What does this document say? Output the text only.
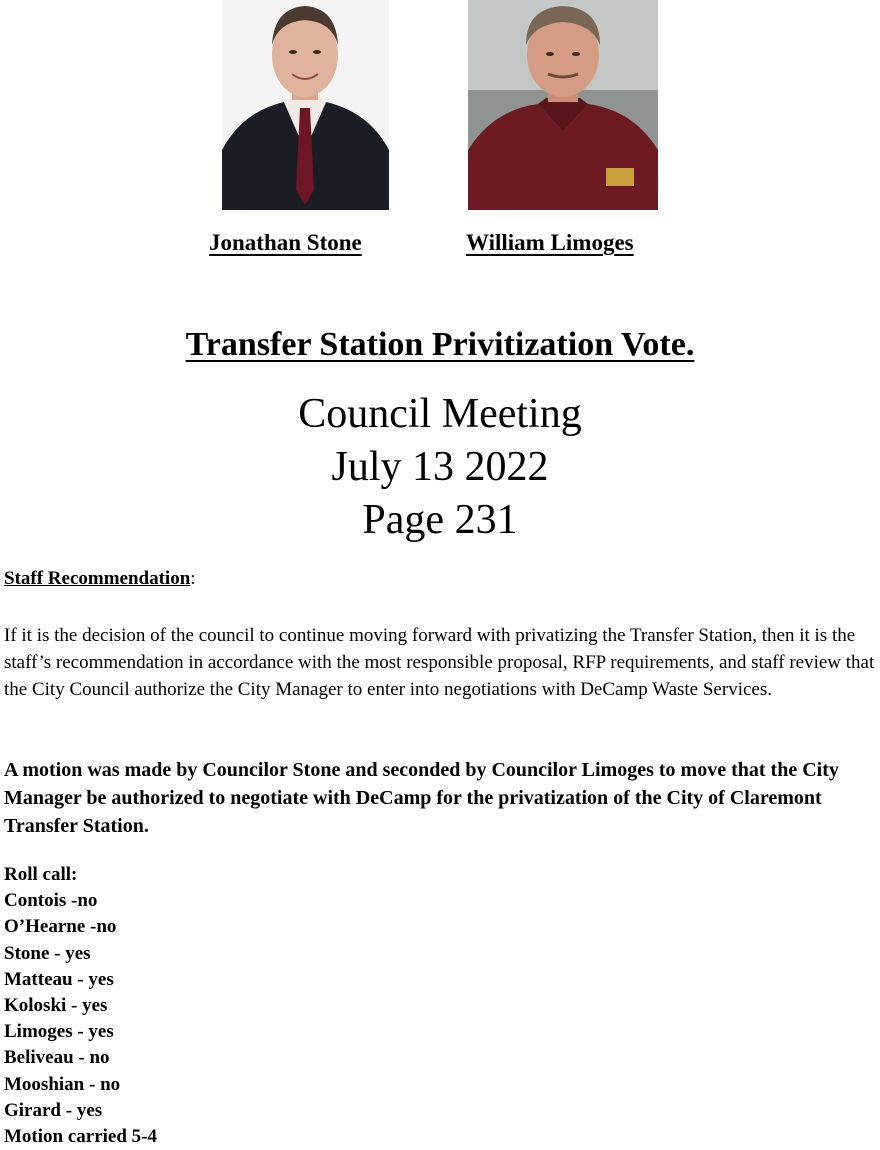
Jonathan Stone	William Limoges
Transfer Station Privitization Vote.
Council Meeting
July 13 2022
Page 231
Staff Recommendation:
If it is the decision of the council to continue moving forward with privatizing the Transfer Station, then it is the staff’s recommendation in accordance with the most responsible proposal, RFP requirements, and staff review that the City Council authorize the City Manager to enter into negotiations with DeCamp Waste Services.
A motion was made by Councilor Stone and seconded by Councilor Limoges to move that the City Manager be authorized to negotiate with DeCamp for the privatization of the City of Claremont Transfer Station.
Roll call:
Contois -no
O’Hearne -no
Stone - yes
Matteau - yes
Koloski - yes
Limoges - yes
Beliveau - no
Mooshian - no
Girard - yes
Motion carried 5-4
